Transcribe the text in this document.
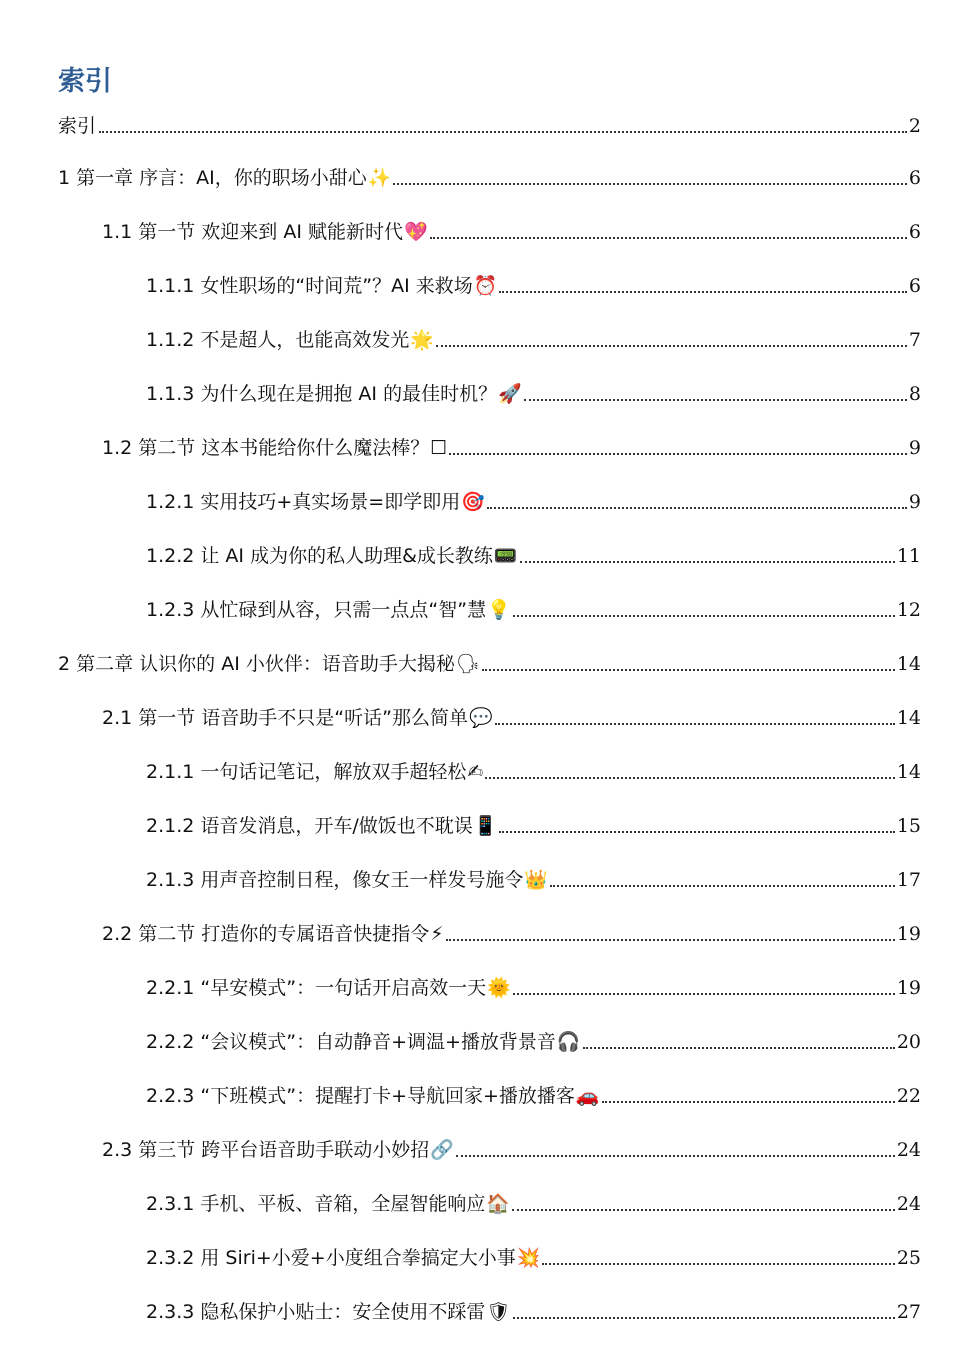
索引
索引	2
1 第一章 序言：AI，你的职场小甜心 ✨	6
1.1 第一节 欢迎来到 AI 赋能新时代 💖	6
1.1.1 女性职场的“时间荒”？AI 来救场 ⏰	6
1.1.2 不是超人，也能高效发光 🌟	7
1.1.3 为什么现在是拥抱 AI 的最佳时机？ 🚀	8
1.2 第二节 这本书能给你什么魔法棒？ ☐	9
1.2.1 实用技巧+真实场景=即学即用 🎯	9
1.2.2 让 AI 成为你的私人助理&成长教练 📟	11
1.2.3 从忙碌到从容，只需一点点“智”慧 💡	12
2 第二章 认识你的 AI 小伙伴：语音助手大揭秘 🗣	14
2.1 第一节 语音助手不只是“听话”那么简单 💬	14
2.1.1 一句话记笔记，解放双手超轻松 ✍	14
2.1.2 语音发消息，开车/做饭也不耽误 📱	15
2.1.3 用声音控制日程，像女王一样发号施令 👑	17
2.2 第二节 打造你的专属语音快捷指令 ⚡	19
2.2.1 “早安模式”：一句话开启高效一天 🌞	19
2.2.2 “会议模式”：自动静音+调温+播放背景音 🎧	20
2.2.3 “下班模式”：提醒打卡+导航回家+播放播客 🚗	22
2.3 第三节 跨平台语音助手联动小妙招 🔗	24
2.3.1 手机、平板、音箱，全屋智能响应 🏠	24
2.3.2 用 Siri+小爱+小度组合拳搞定大小事 💥	25
2.3.3 隐私保护小贴士：安全使用不踩雷 🛡	27
